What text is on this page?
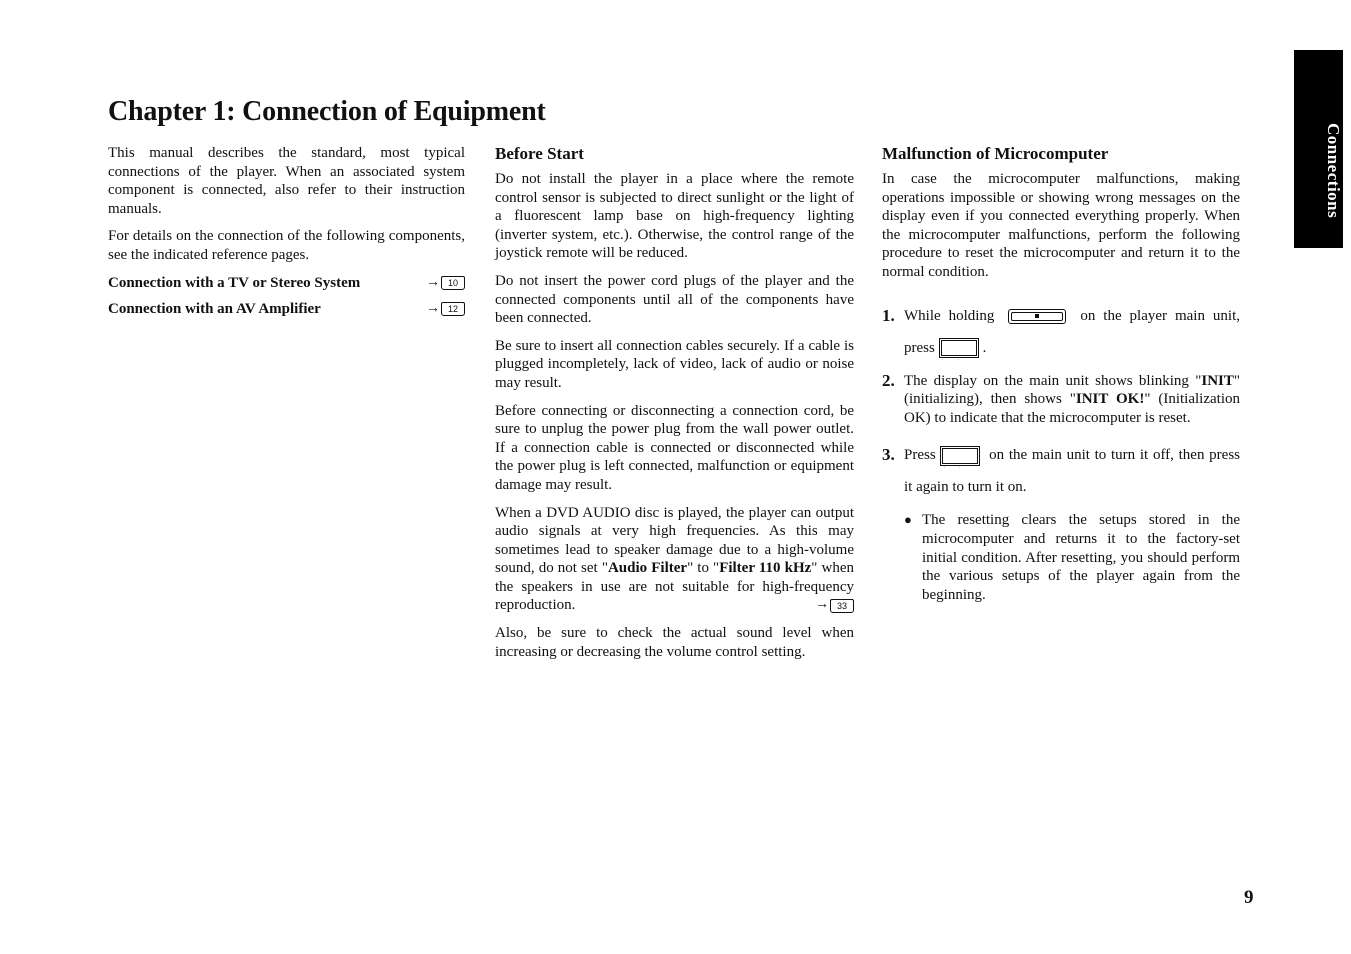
Chapter 1: Connection of Equipment
Connections

This manual describes the standard, most typical connections of the player. When an associated system component is connected, also refer to their instruction manuals.

For details on the connection of the following components, see the indicated reference pages.

Connection with a TV or Stereo System	→ 10
Connection with an AV Amplifier	→ 12
Before Start

Do not install the player in a place where the remote control sensor is subjected to direct sunlight or the light of a fluorescent lamp base on high-frequency lighting (inverter system, etc.). Otherwise, the control range of the joystick remote will be reduced.

Do not insert the power cord plugs of the player and the connected components until all of the components have been connected.

Be sure to insert all connection cables securely. If a cable is plugged incompletely, lack of video, lack of audio or noise may result.

Before connecting or disconnecting a connection cord, be sure to unplug the power plug from the wall power outlet. If a connection cable is connected or disconnected while the power plug is left connected, malfunction or equipment damage may result.

When a DVD AUDIO disc is played, the player can output audio signals at very high frequencies. As this may sometimes lead to speaker damage due to a high-volume sound, do not set "Audio Filter" to "Filter 110 kHz" when the speakers in use are not suitable for high-frequency reproduction.	→ 33

Also, be sure to check the actual sound level when increasing or decreasing the volume control setting.

Malfunction of Microcomputer

In case the microcomputer malfunctions, making operations impossible or showing wrong messages on the display even if you connected everything properly. When the microcomputer malfunctions, perform the following procedure to reset the microcomputer and return it to the normal condition.

1. While holding	on the player main unit, press · ·	.
2. The display on the main unit shows blinking "INIT"(initializing), then shows "INIT OK!" (Initialization OK) to indicate that the microcomputer is reset.
3. Press · ·	on the main unit to turn it off, then press it again to turn it on.
● The resetting clears the setups stored in the microcomputer and returns it to the factory-set initial condition. After resetting, you should perform the various setups of the player again from the beginning.
9
